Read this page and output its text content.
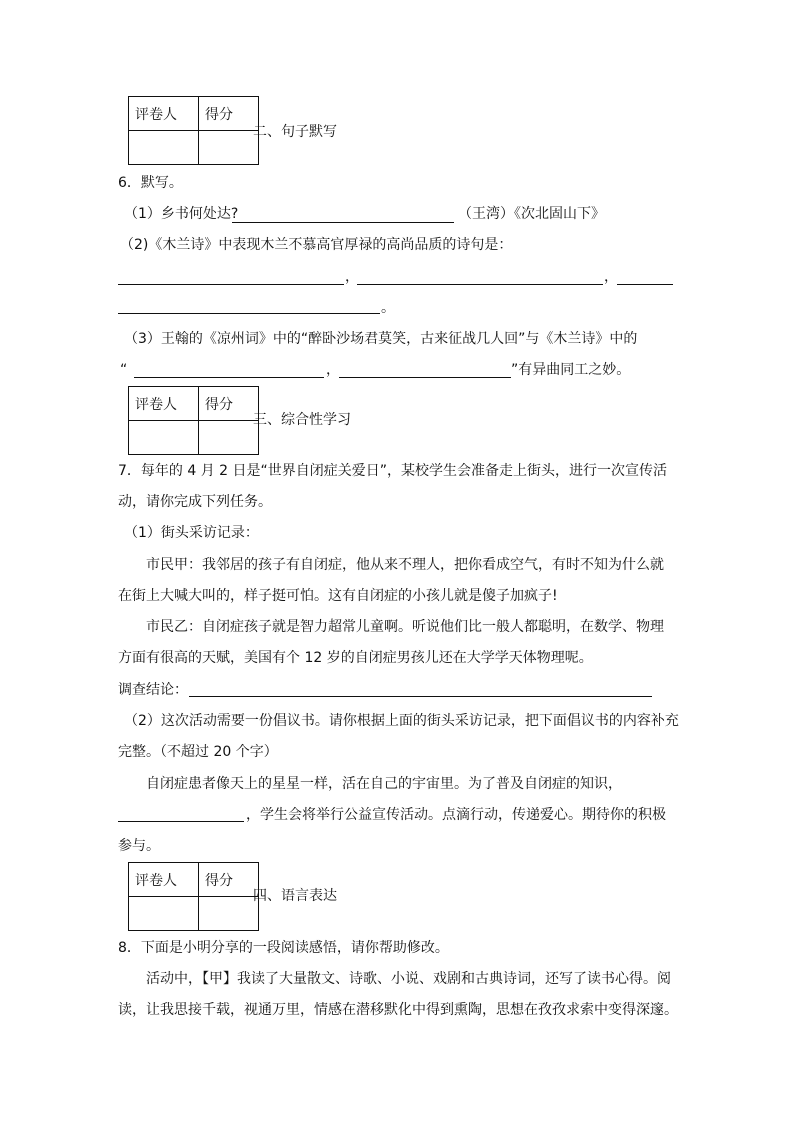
评卷人	得分

二、句子默写
6．默写。
（1）乡书何处达?	（王湾）《次北固山下》
（2)《木兰诗》中表现木兰不慕高官厚禄的高尚品质的诗句是：
，	，
。
（3）王翰的《凉州词》中的“醉卧沙场君莫笑，古来征战几人回”与《木兰诗》中的
“	，	”有异曲同工之妙。
评卷人	得分

三、综合性学习
7．每年的 4 月 2 日是“世界自闭症关爱日”，某校学生会准备走上街头，进行一次宣传活
动，请你完成下列任务。
（1）街头采访记录：
市民甲：我邻居的孩子有自闭症，他从来不理人，把你看成空气，有时不知为什么就
在街上大喊大叫的，样子挺可怕。这有自闭症的小孩儿就是傻子加疯子!
市民乙：自闭症孩子就是智力超常儿童啊。听说他们比一般人都聪明，在数学、物理
方面有很高的天赋，美国有个 12 岁的自闭症男孩儿还在大学学天体物理呢。
调查结论：
（2）这次活动需要一份倡议书。请你根据上面的街头采访记录，把下面倡议书的内容补充
完整。（不超过 20 个字）
自闭症患者像天上的星星一样，活在自己的宇宙里。为了普及自闭症的知识，
，学生会将举行公益宣传活动。点滴行动，传递爱心。期待你的积极
参与。
评卷人	得分

四、语言表达
8．下面是小明分享的一段阅读感悟，请你帮助修改。
活动中，【甲】我读了大量散文、诗歌、小说、戏剧和古典诗词，还写了读书心得。阅
读，让我思接千载，视通万里，情感在潜移默化中得到熏陶，思想在孜孜求索中变得深邃。
